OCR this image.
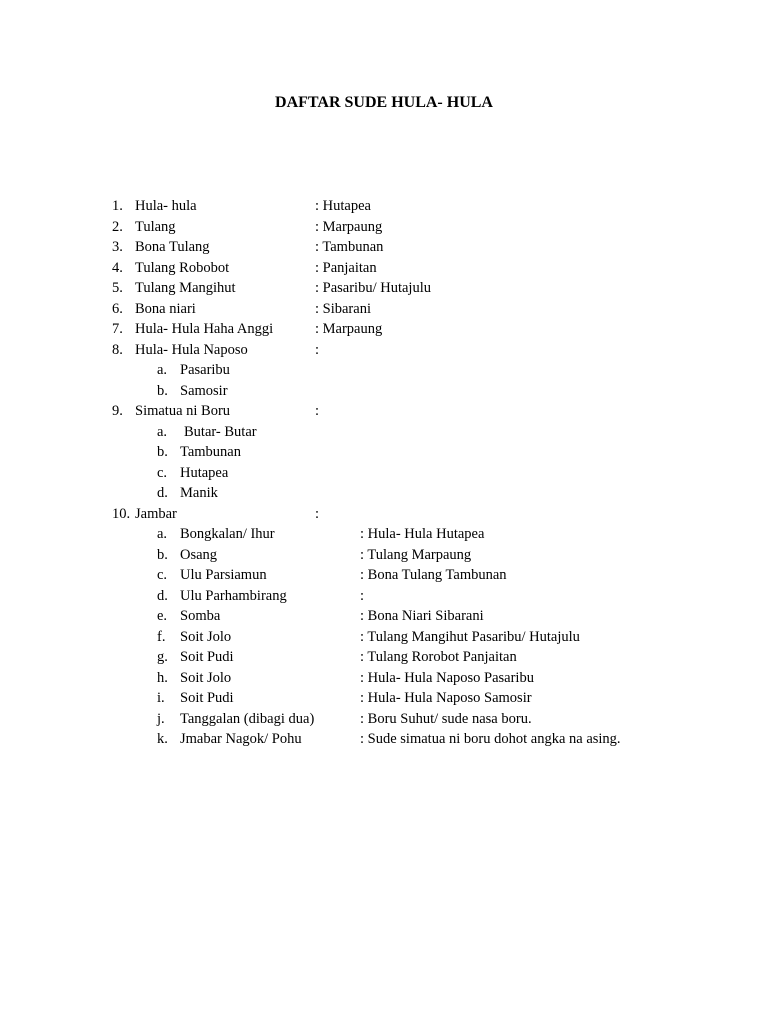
DAFTAR SUDE HULA- HULA
1. Hula- hula	: Hutapea
2. Tulang	: Marpaung
3. Bona Tulang	: Tambunan
4. Tulang Robobot	: Panjaitan
5. Tulang Mangihut	: Pasaribu/ Hutajulu
6. Bona niari	: Sibarani
7. Hula- Hula Haha Anggi	: Marpaung
8. Hula- Hula Naposo	:
a. Pasaribu
b. Samosir
9. Simatua ni Boru	:
a. Butar- Butar
b. Tambunan
c. Hutapea
d. Manik
10. Jambar	:
a. Bongkalan/ Ihur	: Hula- Hula Hutapea
b. Osang	: Tulang Marpaung
c. Ulu Parsiamun	: Bona Tulang Tambunan
d. Ulu Parhambirang	:
e. Somba	: Bona Niari Sibarani
f. Soit Jolo	: Tulang Mangihut Pasaribu/ Hutajulu
g. Soit Pudi	: Tulang Rorobot Panjaitan
h. Soit Jolo	: Hula- Hula Naposo Pasaribu
i. Soit Pudi	: Hula- Hula Naposo Samosir
j. Tanggalan (dibagi dua)	: Boru Suhut/ sude nasa boru.
k. Jmabar Nagok/ Pohu	: Sude simatua ni boru dohot angka na asing.
